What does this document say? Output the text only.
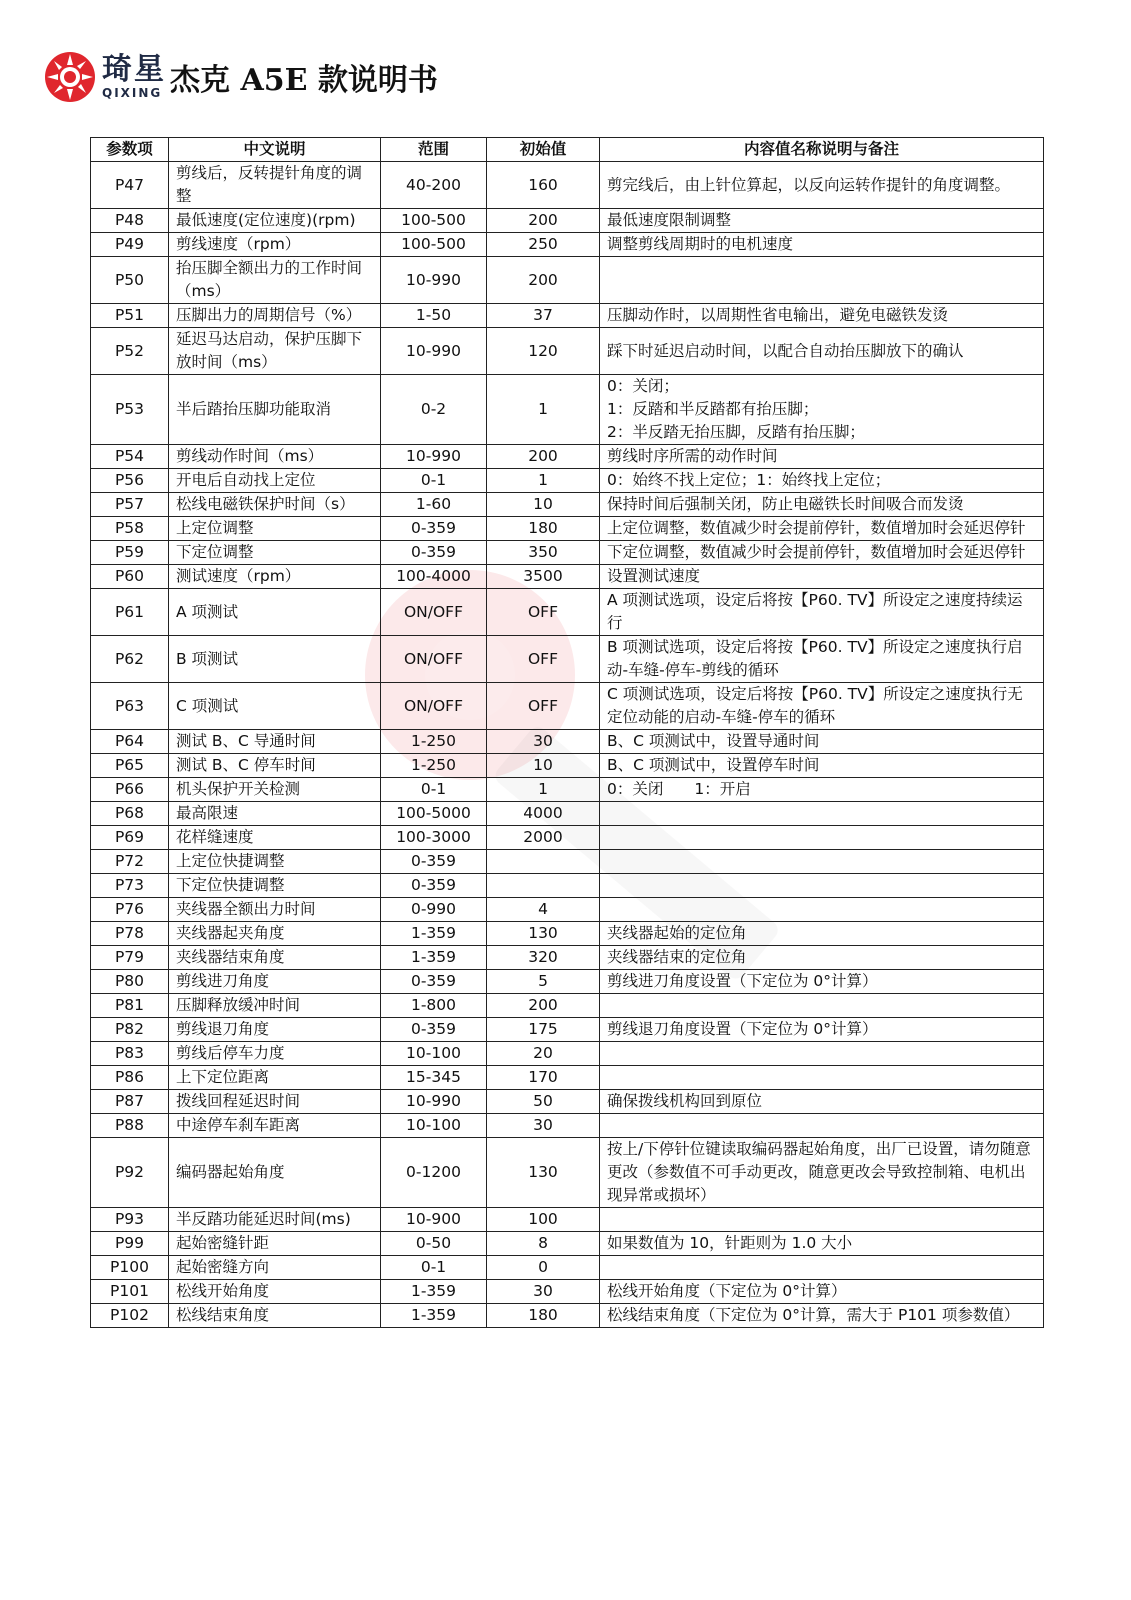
琦星
QIXING 杰克 A5E 款说明书
参数项	中文说明	范围	初始值	内容值名称说明与备注
P47	剪线后，反转提针角度的调整	40-200	160	剪完线后，由上针位算起，以反向运转作提针的角度调整。

P48	最低速度(定位速度)(rpm)	100-500	200	最低速度限制调整

P49	剪线速度（rpm）	100-500	250	调整剪线周期时的电机速度

P50	抬压脚全额出力的工作时间（ms）	10-990	200	
P51	压脚出力的周期信号（%）	1-50	37	压脚动作时，以周期性省电输出，避免电磁铁发烫

P52	延迟马达启动，保护压脚下放时间（ms）	10-990	120	踩下时延迟启动时间，以配合自动抬压脚放下的确认

P53	半后踏抬压脚功能取消	0-2	1	0：关闭；
1：反踏和半反踏都有抬压脚；
2：半反踏无抬压脚，反踏有抬压脚；

P54	剪线动作时间（ms）	10-990	200	剪线时序所需的动作时间

P56	开电后自动找上定位	0-1	1	0：始终不找上定位；1：始终找上定位；

P57	松线电磁铁保护时间（s）	1-60	10	保持时间后强制关闭，防止电磁铁长时间吸合而发烫

P58	上定位调整	0-359	180	上定位调整，数值减少时会提前停针，数值增加时会延迟停针

P59	下定位调整	0-359	350	下定位调整，数值减少时会提前停针，数值增加时会延迟停针

P60	测试速度（rpm）	100-4000	3500	设置测试速度

P61	A 项测试	ON/OFF	OFF	A 项测试选项，设定后将按【P60. TV】所设定之速度持续运行

P62	B 项测试	ON/OFF	OFF	B 项测试选项，设定后将按【P60. TV】所设定之速度执行启动-车缝-停车-剪线的循环

P63	C 项测试	ON/OFF	OFF	C 项测试选项，设定后将按【P60. TV】所设定之速度执行无定位动能的启动-车缝-停车的循环

P64	测试 B、C 导通时间	1-250	30	B、C 项测试中，设置导通时间

P65	测试 B、C 停车时间	1-250	10	B、C 项测试中，设置停车时间

P66	机头保护开关检测	0-1	1	0：关闭　　1：开启

P68	最高限速	100-5000	4000	
P69	花样缝速度	100-3000	2000	
P72	上定位快捷调整	0-359		
P73	下定位快捷调整	0-359		
P76	夹线器全额出力时间	0-990	4	
P78	夹线器起夹角度	1-359	130	夹线器起始的定位角

P79	夹线器结束角度	1-359	320	夹线器结束的定位角

P80	剪线进刀角度	0-359	5	剪线进刀角度设置（下定位为 0°计算）

P81	压脚释放缓冲时间	1-800	200	
P82	剪线退刀角度	0-359	175	剪线退刀角度设置（下定位为 0°计算）

P83	剪线后停车力度	10-100	20	
P86	上下定位距离	15-345	170	
P87	拨线回程延迟时间	10-990	50	确保拨线机构回到原位

P88	中途停车刹车距离	10-100	30	
P92	编码器起始角度	0-1200	130	按上/下停针位键读取编码器起始角度，出厂已设置，请勿随意更改（参数值不可手动更改，随意更改会导致控制箱、电机出现异常或损坏）

P93	半反踏功能延迟时间(ms)	10-900	100	
P99	起始密缝针距	0-50	8	如果数值为 10，针距则为 1.0 大小

P100	起始密缝方向	0-1	0	
P101	松线开始角度	1-359	30	松线开始角度（下定位为 0°计算）

P102	松线结束角度	1-359	180	松线结束角度（下定位为 0°计算，需大于 P101 项参数值）
